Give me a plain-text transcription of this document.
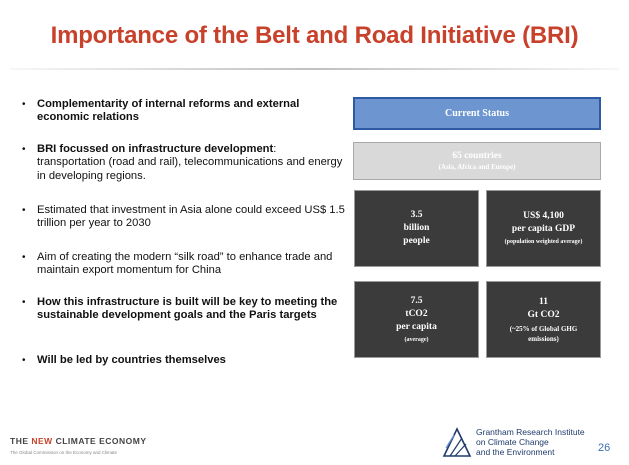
Importance of the Belt and Road Initiative (BRI)
• Complementarity of internal reforms and external economic relations
• BRI focussed on infrastructure development: transportation (road and rail), telecommunications and energy in developing regions.
• Estimated that investment in Asia alone could exceed US$ 1.5 trillion per year to 2030
• Aim of creating the modern “silk road” to enhance trade and maintain export momentum for China
• How this infrastructure is built will be key to meeting the sustainable development goals and the Paris targets
• Will be led by countries themselves
Current Status
65 countries
(Asia, Africa and Europe)
3.5
billion
people
US$ 4,100
per capita GDP
(population weighted average)
7.5
tCO2
per capita
(average)
11
Gt CO2
(~25% of Global GHG emissions)
THE NEW CLIMATE ECONOMY
The Global Commission on the Economy and Climate
Grantham Research Institute
on Climate Change
and the Environment	26
